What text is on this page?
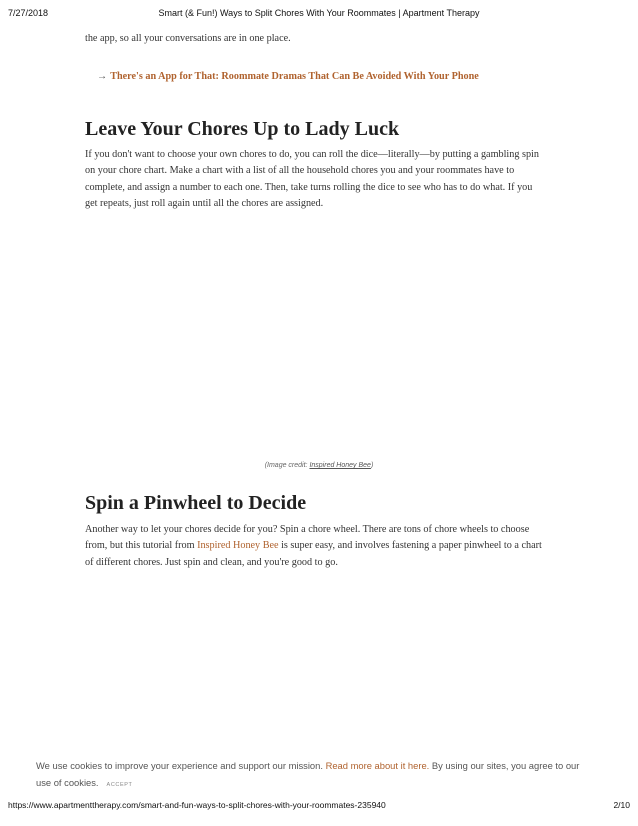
7/27/2018	Smart (& Fun!) Ways to Split Chores With Your Roommates | Apartment Therapy

the app, so all your conversations are in one place.

→ There's an App for That: Roommate Dramas That Can Be Avoided With Your Phone
Leave Your Chores Up to Lady Luck

If you don't want to choose your own chores to do, you can roll the dice—literally—by putting a gambling spin on your chore chart. Make a chart with a list of all the household chores you and your roommates have to complete, and assign a number to each one. Then, take turns rolling the dice to see who has to do what. If you get repeats, just roll again until all the chores are assigned.

(Image credit: Inspired Honey Bee)
Spin a Pinwheel to Decide

Another way to let your chores decide for you? Spin a chore wheel. There are tons of chore wheels to choose from, but this tutorial from Inspired Honey Bee is super easy, and involves fastening a paper pinwheel to a chart of different chores. Just spin and clean, and you're good to go.

We use cookies to improve your experience and support our mission. Read more about it here. By using our sites, you agree to our use of cookies. ACCEPT
https://www.apartmenttherapy.com/smart-and-fun-ways-to-split-chores-with-your-roommates-235940	2/10
